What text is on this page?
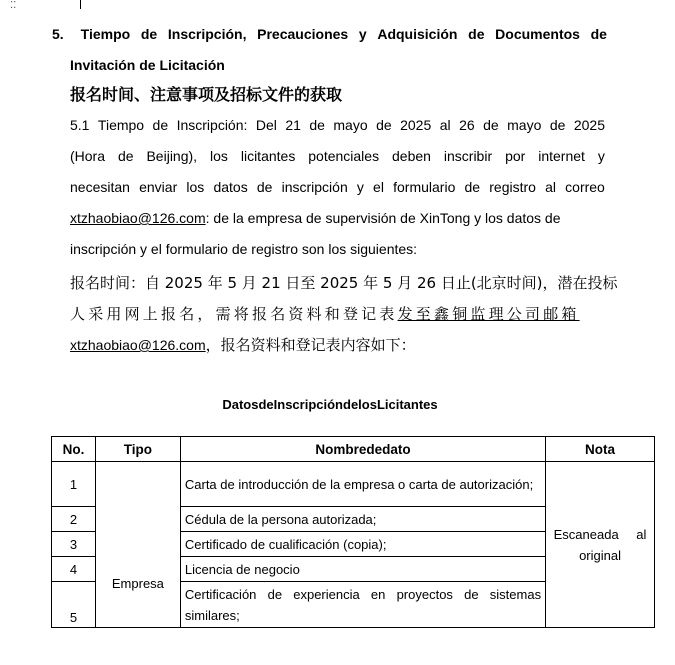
⁚⁚
5.	Tiempo de Inscripción, Precauciones y Adquisición de Documentos de
Invitación de Licitación
报名时间、注意事项及招标文件的获取
5.1 Tiempo de Inscripción: Del 21 de mayo de 2025 al 26 de mayo de 2025
(Hora de Beijing), los licitantes potenciales deben inscribir por internet y
necesitan enviar los datos de inscripción y el formulario de registro al correo
xtzhaobiao@126.com : de la empresa de supervisión de XinTong y los datos de
inscripción y el formulario de registro son los siguientes:
报名时间：自 2025 年 5 月 21 日至 2025 年 5 月 26 日止(北京时间)，潜在投标
人采用网上报名，需将报名资料和登记表 发至鑫铜监理公司邮箱
xtzhaobiao@126.com ，报名资料和登记表内容如下：
DatosdeInscripcióndelosLicitantes
No.	Tipo	Nombrededato	Nota
1	Empresa	Carta de introducción de la empresa o carta de autorización;	Escaneada al
original

2		Cédula de la persona autorizada;	
3		Certificado de cualificación (copia);	
4		Licencia de negocio	
5		Certificación de experiencia en proyectos de sistemas similares;	
